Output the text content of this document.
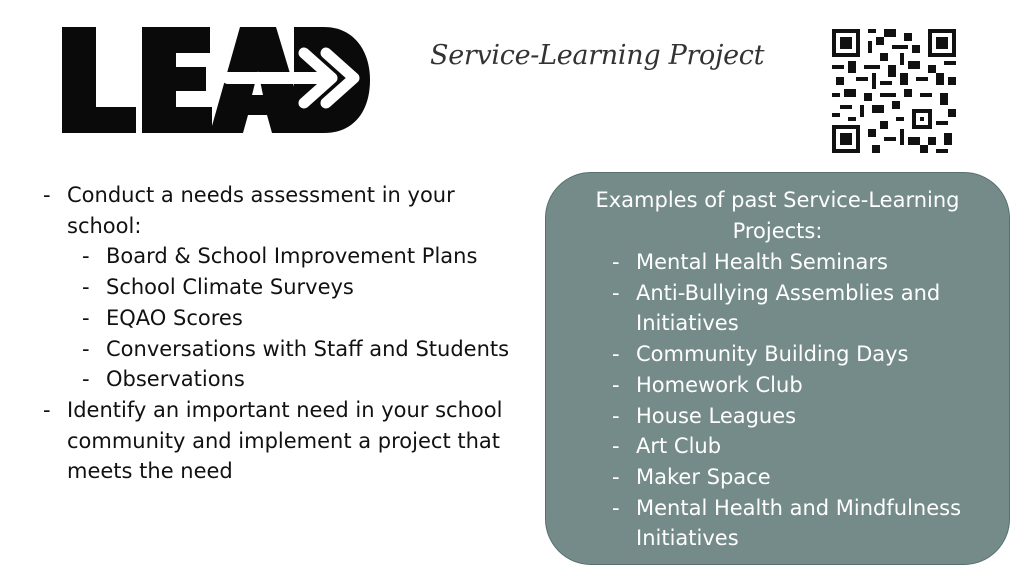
Service-Learning Project
- Conduct a needs assessment in your school:
- Board & School Improvement Plans
- School Climate Surveys
- EQAO Scores
- Conversations with Staff and Students
- Observations
- Identify an important need in your school community and implement a project that meets the need
Examples of past Service-Learning Projects:
- Mental Health Seminars
- Anti-Bullying Assemblies and Initiatives
- Community Building Days
- Homework Club
- House Leagues
- Art Club
- Maker Space
- Mental Health and Mindfulness Initiatives
